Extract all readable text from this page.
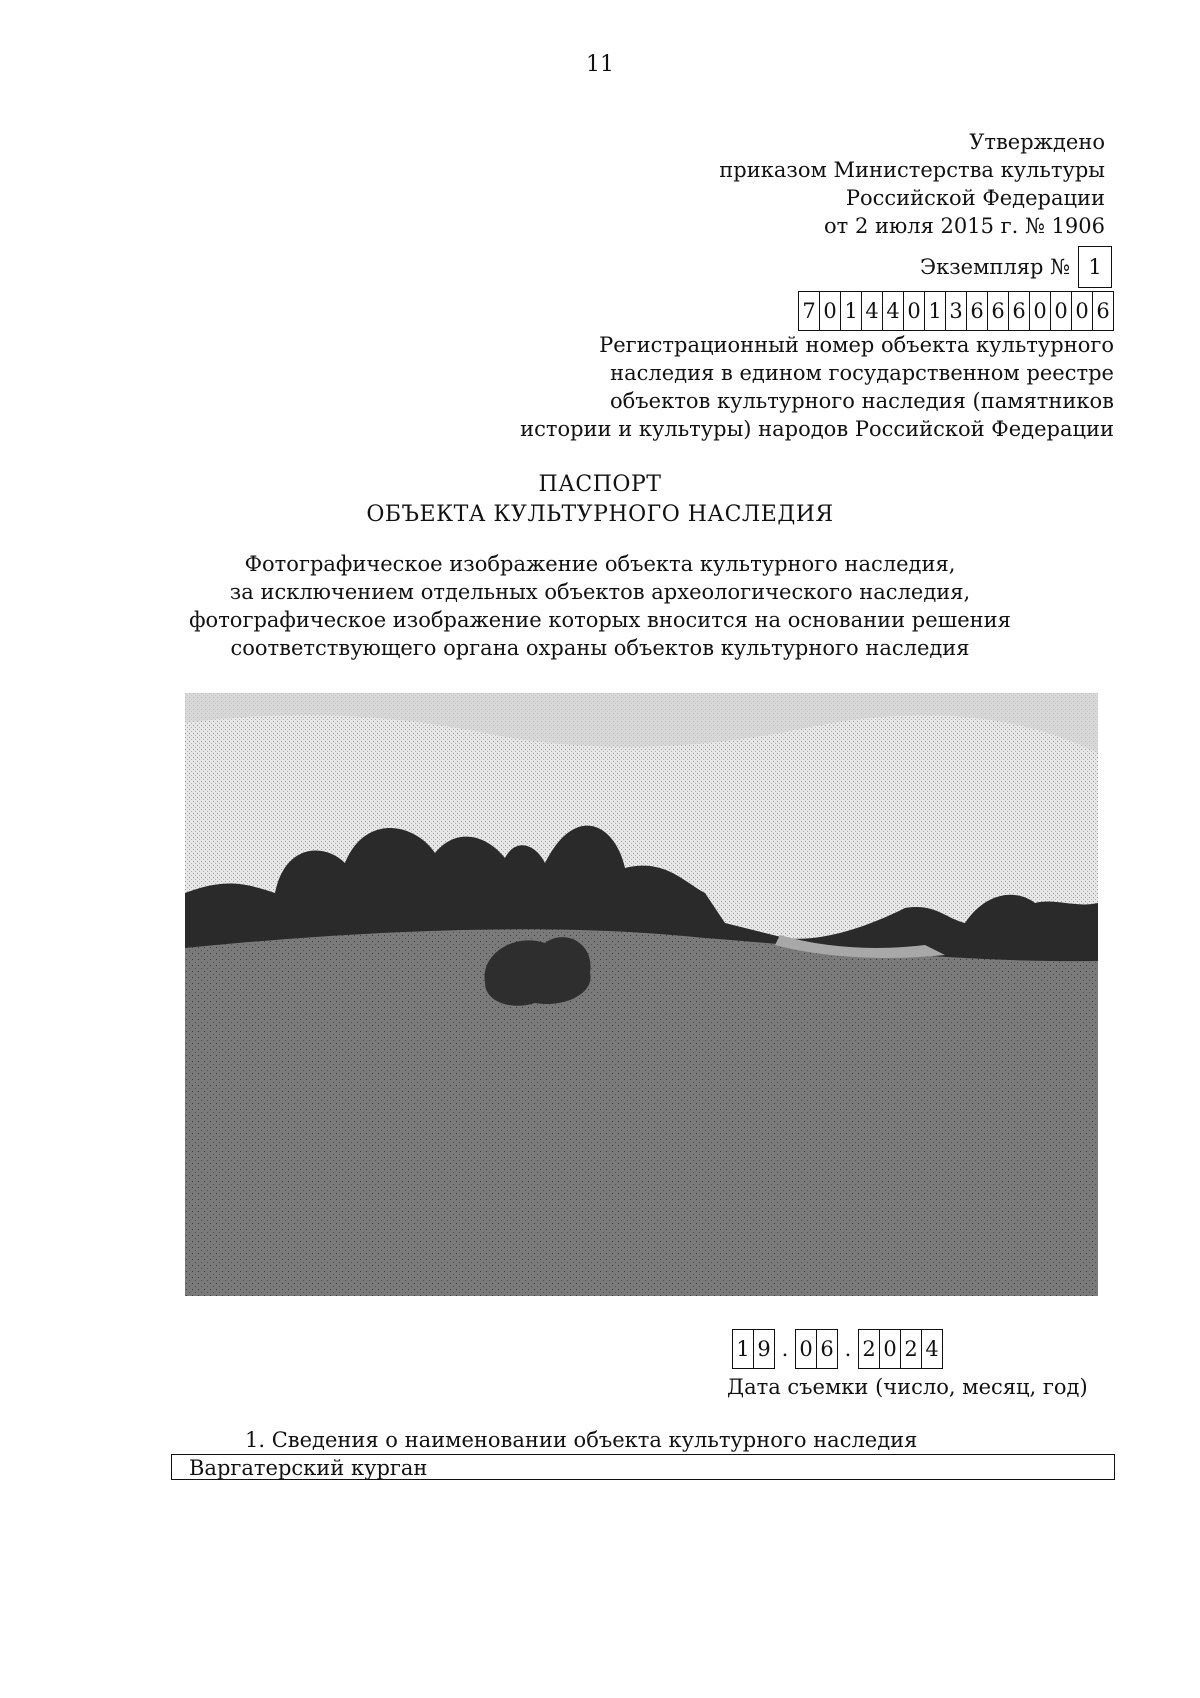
11
Утверждено
приказом Министерства культуры
Российской Федерации
от 2 июля 2015 г. № 1906
Экземпляр № 1
7 0 1 4 4 0 1 3 6 6 6 0 0 0 6
Регистрационный номер объекта культурного
наследия в едином государственном реестре
объектов культурного наследия (памятников
истории и культуры) народов Российской Федерации
ПАСПОРТ
ОБЪЕКТА КУЛЬТУРНОГО НАСЛЕДИЯ
Фотографическое изображение объекта культурного наследия,
за исключением отдельных объектов археологического наследия,
фотографическое изображение которых вносится на основании решения
соответствующего органа охраны объектов культурного наследия
1 9 . 0 6 . 2 0 2 4
Дата съемки (число, месяц, год)
1. Сведения о наименовании объекта культурного наследия
Варгатерский курган
